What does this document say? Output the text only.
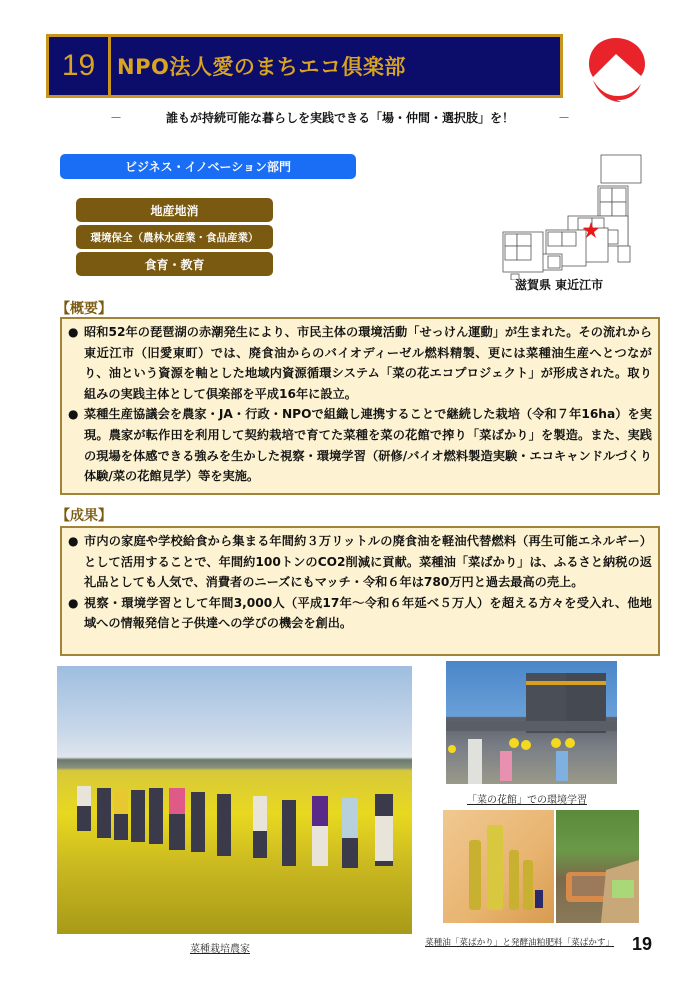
19	NPO法人愛のまちエコ倶楽部
－	誰もが持続可能な暮らしを実践できる「場・仲間・選択肢」を！	－
ビジネス・イノベーション部門
地産地消
環境保全（農林水産業・食品産業）
食育・教育
滋賀県 東近江市
【概要】
● 昭和52年の琵琶湖の赤潮発生により、市民主体の環境活動「せっけん運動」が生まれた。その流れから東近江市（旧愛東町）では、廃食油からのバイオディーゼル燃料精製、更には菜種油生産へとつながり、油という資源を軸とした地域内資源循環システム「菜の花エコプロジェクト」が形成された。取り組みの実践主体として倶楽部を平成16年に設立。
● 菜種生産協議会を農家・JA・行政・NPOで組織し連携することで継続した栽培（令和７年16ha）を実現。農家が転作田を利用して契約栽培で育てた菜種を菜の花館で搾り「菜ばかり」を製造。また、実践の現場を体感できる強みを生かした視察・環境学習（研修/バイオ燃料製造実験・エコキャンドルづくり体験/菜の花館見学）等を実施。
【成果】
● 市内の家庭や学校給食から集まる年間約３万リットルの廃食油を軽油代替燃料（再生可能エネルギー）として活用することで、年間約100トンのCO2削減に貢献。菜種油「菜ばかり」は、ふるさと納税の返礼品としても人気で、消費者のニーズにもマッチ・令和６年は780万円と過去最高の売上。
● 視察・環境学習として年間3,000人（平成17年～令和６年延べ５万人）を超える方々を受入れ、他地域への情報発信と子供達への学びの機会を創出。
菜種栽培農家
「菜の花館」での環境学習
菜種油「菜ばかり」と発酵油粕肥料「菜ばかす」 19
